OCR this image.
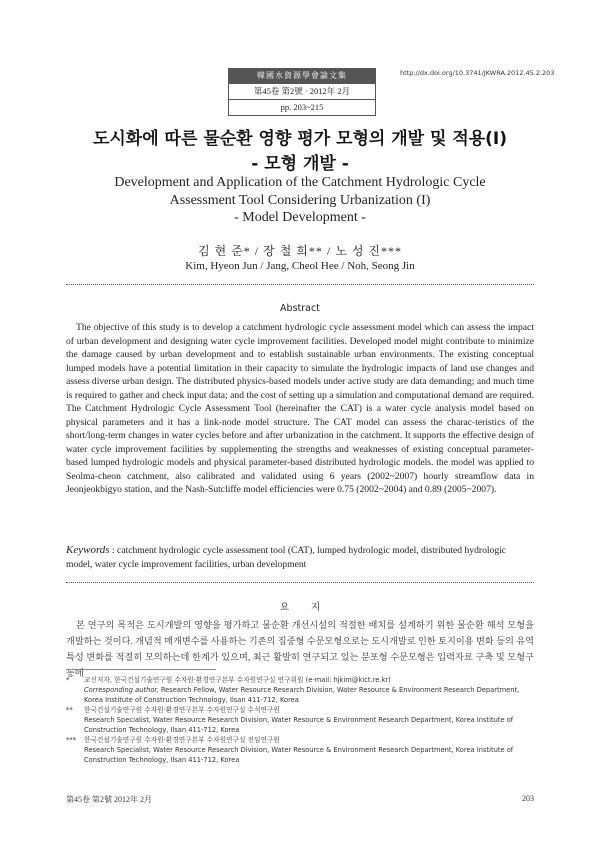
韓國水資源學會論文集
第45卷 第2號 · 2012年 2月
pp. 203~215
http://dx.doi.org/10.3741/JKWRA.2012.45.2.203
도시화에 따른 물순환 영향 평가 모형의 개발 및 적용(I)
- 모형 개발 -
Development and Application of the Catchment Hydrologic Cycle
Assessment Tool Considering Urbanization (I)
- Model Development -
김 현 준* / 장 철 희** / 노 성 진***
Kim, Hyeon Jun / Jang, Cheol Hee / Noh, Seong Jin
Abstract

The objective of this study is to develop a catchment hydrologic cycle assessment model which can assess the impact of urban development and designing water cycle improvement facilities. Developed model might contribute to minimize the damage caused by urban development and to establish sustainable urban environments. The existing conceptual lumped models have a potential limitation in their capacity to simulate the hydrologic impacts of land use changes and assess diverse urban design. The distributed physics-based models under active study are data demanding; and much time is required to gather and check input data; and the cost of setting up a simulation and computational demand are required. The Catchment Hydrologic Cycle Assessment Tool (hereinafter the CAT) is a water cycle analysis model based on physical parameters and it has a link-node model structure. The CAT model can assess the charac-teristics of the short/long-term changes in water cycles before and after urbanization in the catchment. It supports the effective design of water cycle improvement facilities by supplementing the strengths and weaknesses of existing conceptual parameter-based lumped hydrologic models and physical parameter-based distributed hydrologic models. the model was applied to Seolma-cheon catchment, also calibrated and validated using 6 years (2002~2007) hourly streamflow data in Jeonjeokbigyo station, and the Nash-Sutcliffe model efficiencies were 0.75 (2002~2004) and 0.89 (2005~2007).

Keywords : catchment hydrologic cycle assessment tool (CAT), lumped hydrologic model, distributed hydrologic model, water cycle improvement facilities, urban development

요지

본 연구의 목적은 도시개발의 영향을 평가하고 물순환 개선시설의 적절한 배치를 설계하기 위한 물순환 해석 모형을 개발하는 것이다. 개념적 매개변수를 사용하는 기존의 집중형 수문모형으로는 도시개발로 인한 토지이용 변화 등의 유역 특성 변화를 적절히 모의하는데 한계가 있으며, 최근 활발히 연구되고 있는 분포형 수문모형은 입력자료 구축 및 모형구동에

*	교신저자, 한국건설기술연구원 수자원·환경연구본부 수자원연구실 연구위원 (e-mail: hjkim@kict.re.kr)
Corresponding author, Research Fellow, Water Resource Research Division, Water Resource & Environment Research Department, Korea Institute of Construction Technology, Ilsan 411-712, Korea
**	한국건설기술연구원 수자원·환경연구본부 수자원연구실 수석연구원
Research Specialist, Water Resource Research Division, Water Resource & Environment Research Department, Korea Institute of Construction Technology, Ilsan 411-712, Korea
***	한국건설기술연구원 수자원·환경연구본부 수자원연구실 전임연구원
Research Specialist, Water Resource Research Division, Water Resource & Environment Research Department, Korea Institute of Construction Technology, Ilsan 411-712, Korea
第45卷 第2號 2012年 2月	203
